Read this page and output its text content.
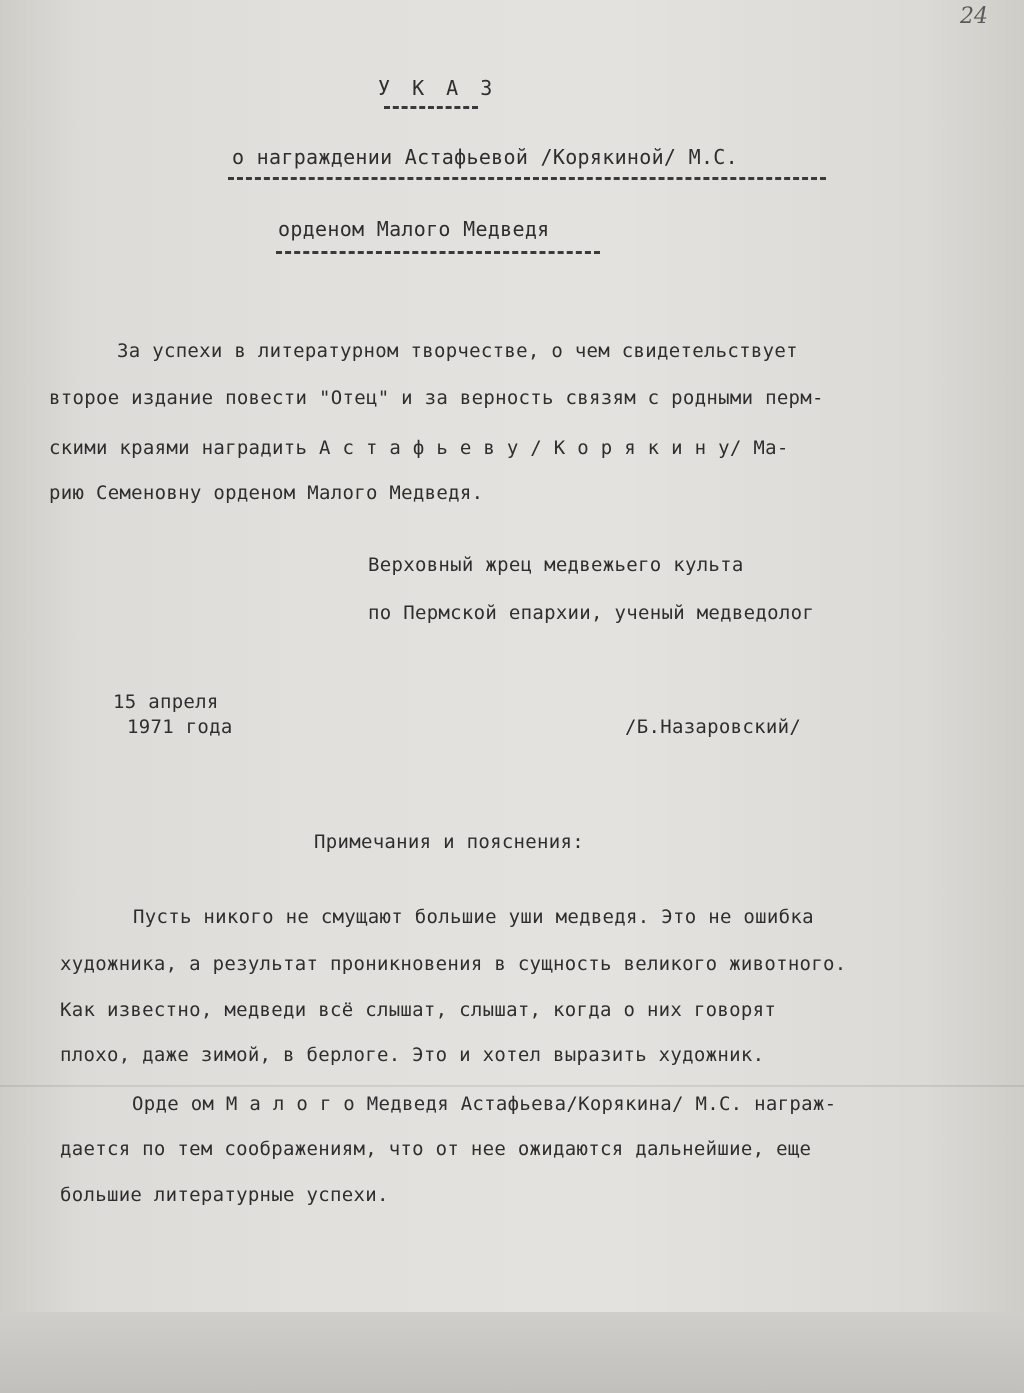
24
У К А З
о награждении Астафьевой /Корякиной/ М.С.
орденом Малого Медведя
За успехи в литературном творчестве, о чем свидетельствует
второе издание повести "Отец" и за верность связям с родными перм-
скими краями наградить А с т а ф ь е в у / К о р я к и н у/ Ма-
рию Семеновну орденом Малого Медведя.
Верховный жрец медвежьего культа
по Пермской епархии, ученый медведолог
15 апреля
1971 года	/Б.Назаровский/
Примечания и пояснения:
Пусть никого не смущают большие уши медведя. Это не ошибка
художника, а результат проникновения в сущность великого животного.
Как известно, медведи всё слышат, слышат, когда о них говорят
плохо, даже зимой, в берлоге. Это и хотел выразить художник.
Орде ом М а л о г о Медведя Астафьева/Корякина/ М.С. награж-
дается по тем соображениям, что от нее ожидаются дальнейшие, еще
большие литературные успехи.
